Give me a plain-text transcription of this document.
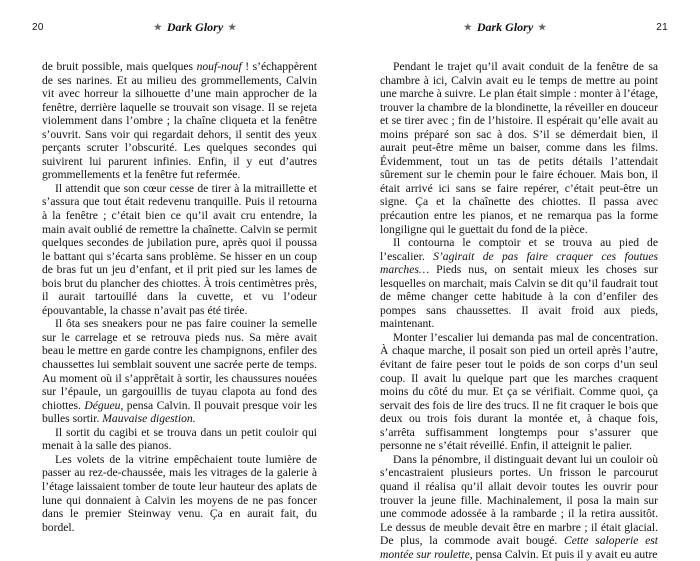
20	★ Dark Glory ★

de bruit possible, mais quelques nouf-nouf ! s’échappèrent de ses narines. Et au milieu des grommellements, Calvin vit avec horreur la silhouette d’une main approcher de la fenêtre, derrière laquelle se trouvait son visage. Il se rejeta violemment dans l’ombre ; la chaîne cliqueta et la fenêtre s’ouvrit. Sans voir qui regardait dehors, il sentit des yeux perçants scruter l’obscurité. Les quelques secondes qui suivirent lui parurent infinies. Enfin, il y eut d’autres grommellements et la fenêtre fut refermée.

Il attendit que son cœur cesse de tirer à la mitraillette et s’assura que tout était redevenu tranquille. Puis il retourna à la fenêtre ; c’était bien ce qu’il avait cru entendre, la main avait oublié de remettre la chaînette. Calvin se permit quelques secondes de jubilation pure, après quoi il poussa le battant qui s’écarta sans problème. Se hisser en un coup de bras fut un jeu d’enfant, et il prit pied sur les lames de bois brut du plancher des chiottes. À trois centimètres près, il aurait tartouillé dans la cuvette, et vu l’odeur épouvantable, la chasse n’avait pas été tirée.

Il ôta ses sneakers pour ne pas faire couiner la semelle sur le carrelage et se retrouva pieds nus. Sa mère avait beau le mettre en garde contre les champignons, enfiler des chaussettes lui semblait souvent une sacrée perte de temps. Au moment où il s’apprêtait à sortir, les chaussures nouées sur l’épaule, un gargouillis de tuyau clapota au fond des chiottes. Dégueu, pensa Calvin. Il pouvait presque voir les bulles sortir. Mauvaise digestion.

Il sortit du cagibi et se trouva dans un petit couloir qui menait à la salle des pianos.

Les volets de la vitrine empêchaient toute lumière de passer au rez-de-chaussée, mais les vitrages de la galerie à l’étage laissaient tomber de toute leur hauteur des aplats de lune qui donnaient à Calvin les moyens de ne pas foncer dans le premier Steinway venu. Ça en aurait fait, du bordel.

★ Dark Glory ★	21

Pendant le trajet qu’il avait conduit de la fenêtre de sa chambre à ici, Calvin avait eu le temps de mettre au point une marche à suivre. Le plan était simple : monter à l’étage, trouver la chambre de la blondinette, la réveiller en douceur et se tirer avec ; fin de l’histoire. Il espérait qu’elle avait au moins préparé son sac à dos. S’il se démerdait bien, il aurait peut-être même un baiser, comme dans les films. Évidemment, tout un tas de petits détails l’attendait sûrement sur le chemin pour le faire échouer. Mais bon, il était arrivé ici sans se faire repérer, c’était peut-être un signe. Ça et la chaînette des chiottes. Il passa avec précaution entre les pianos, et ne remarqua pas la forme longiligne qui le guettait du fond de la pièce.

Il contourna le comptoir et se trouva au pied de l’escalier. S’agirait de pas faire craquer ces foutues marches… Pieds nus, on sentait mieux les choses sur lesquelles on marchait, mais Calvin se dit qu’il faudrait tout de même changer cette habitude à la con d’enfiler des pompes sans chaussettes. Il avait froid aux pieds, maintenant.

Monter l’escalier lui demanda pas mal de concentration. À chaque marche, il posait son pied un orteil après l’autre, évitant de faire peser tout le poids de son corps d’un seul coup. Il avait lu quelque part que les marches craquent moins du côté du mur. Et ça se vérifiait. Comme quoi, ça servait des fois de lire des trucs. Il ne fit craquer le bois que deux ou trois fois durant la montée et, à chaque fois, s’arrêta suffisamment longtemps pour s’assurer que personne ne s’était réveillé. Enfin, il atteignit le palier.

Dans la pénombre, il distinguait devant lui un couloir où s’encastraient plusieurs portes. Un frisson le parcourut quand il réalisa qu’il allait devoir toutes les ouvrir pour trouver la jeune fille. Machinalement, il posa la main sur une commode adossée à la rambarde ; il la retira aussitôt. Le dessus de meuble devait être en marbre ; il était glacial. De plus, la commode avait bougé. Cette saloperie est montée sur roulette, pensa Calvin. Et puis il y avait eu autre
